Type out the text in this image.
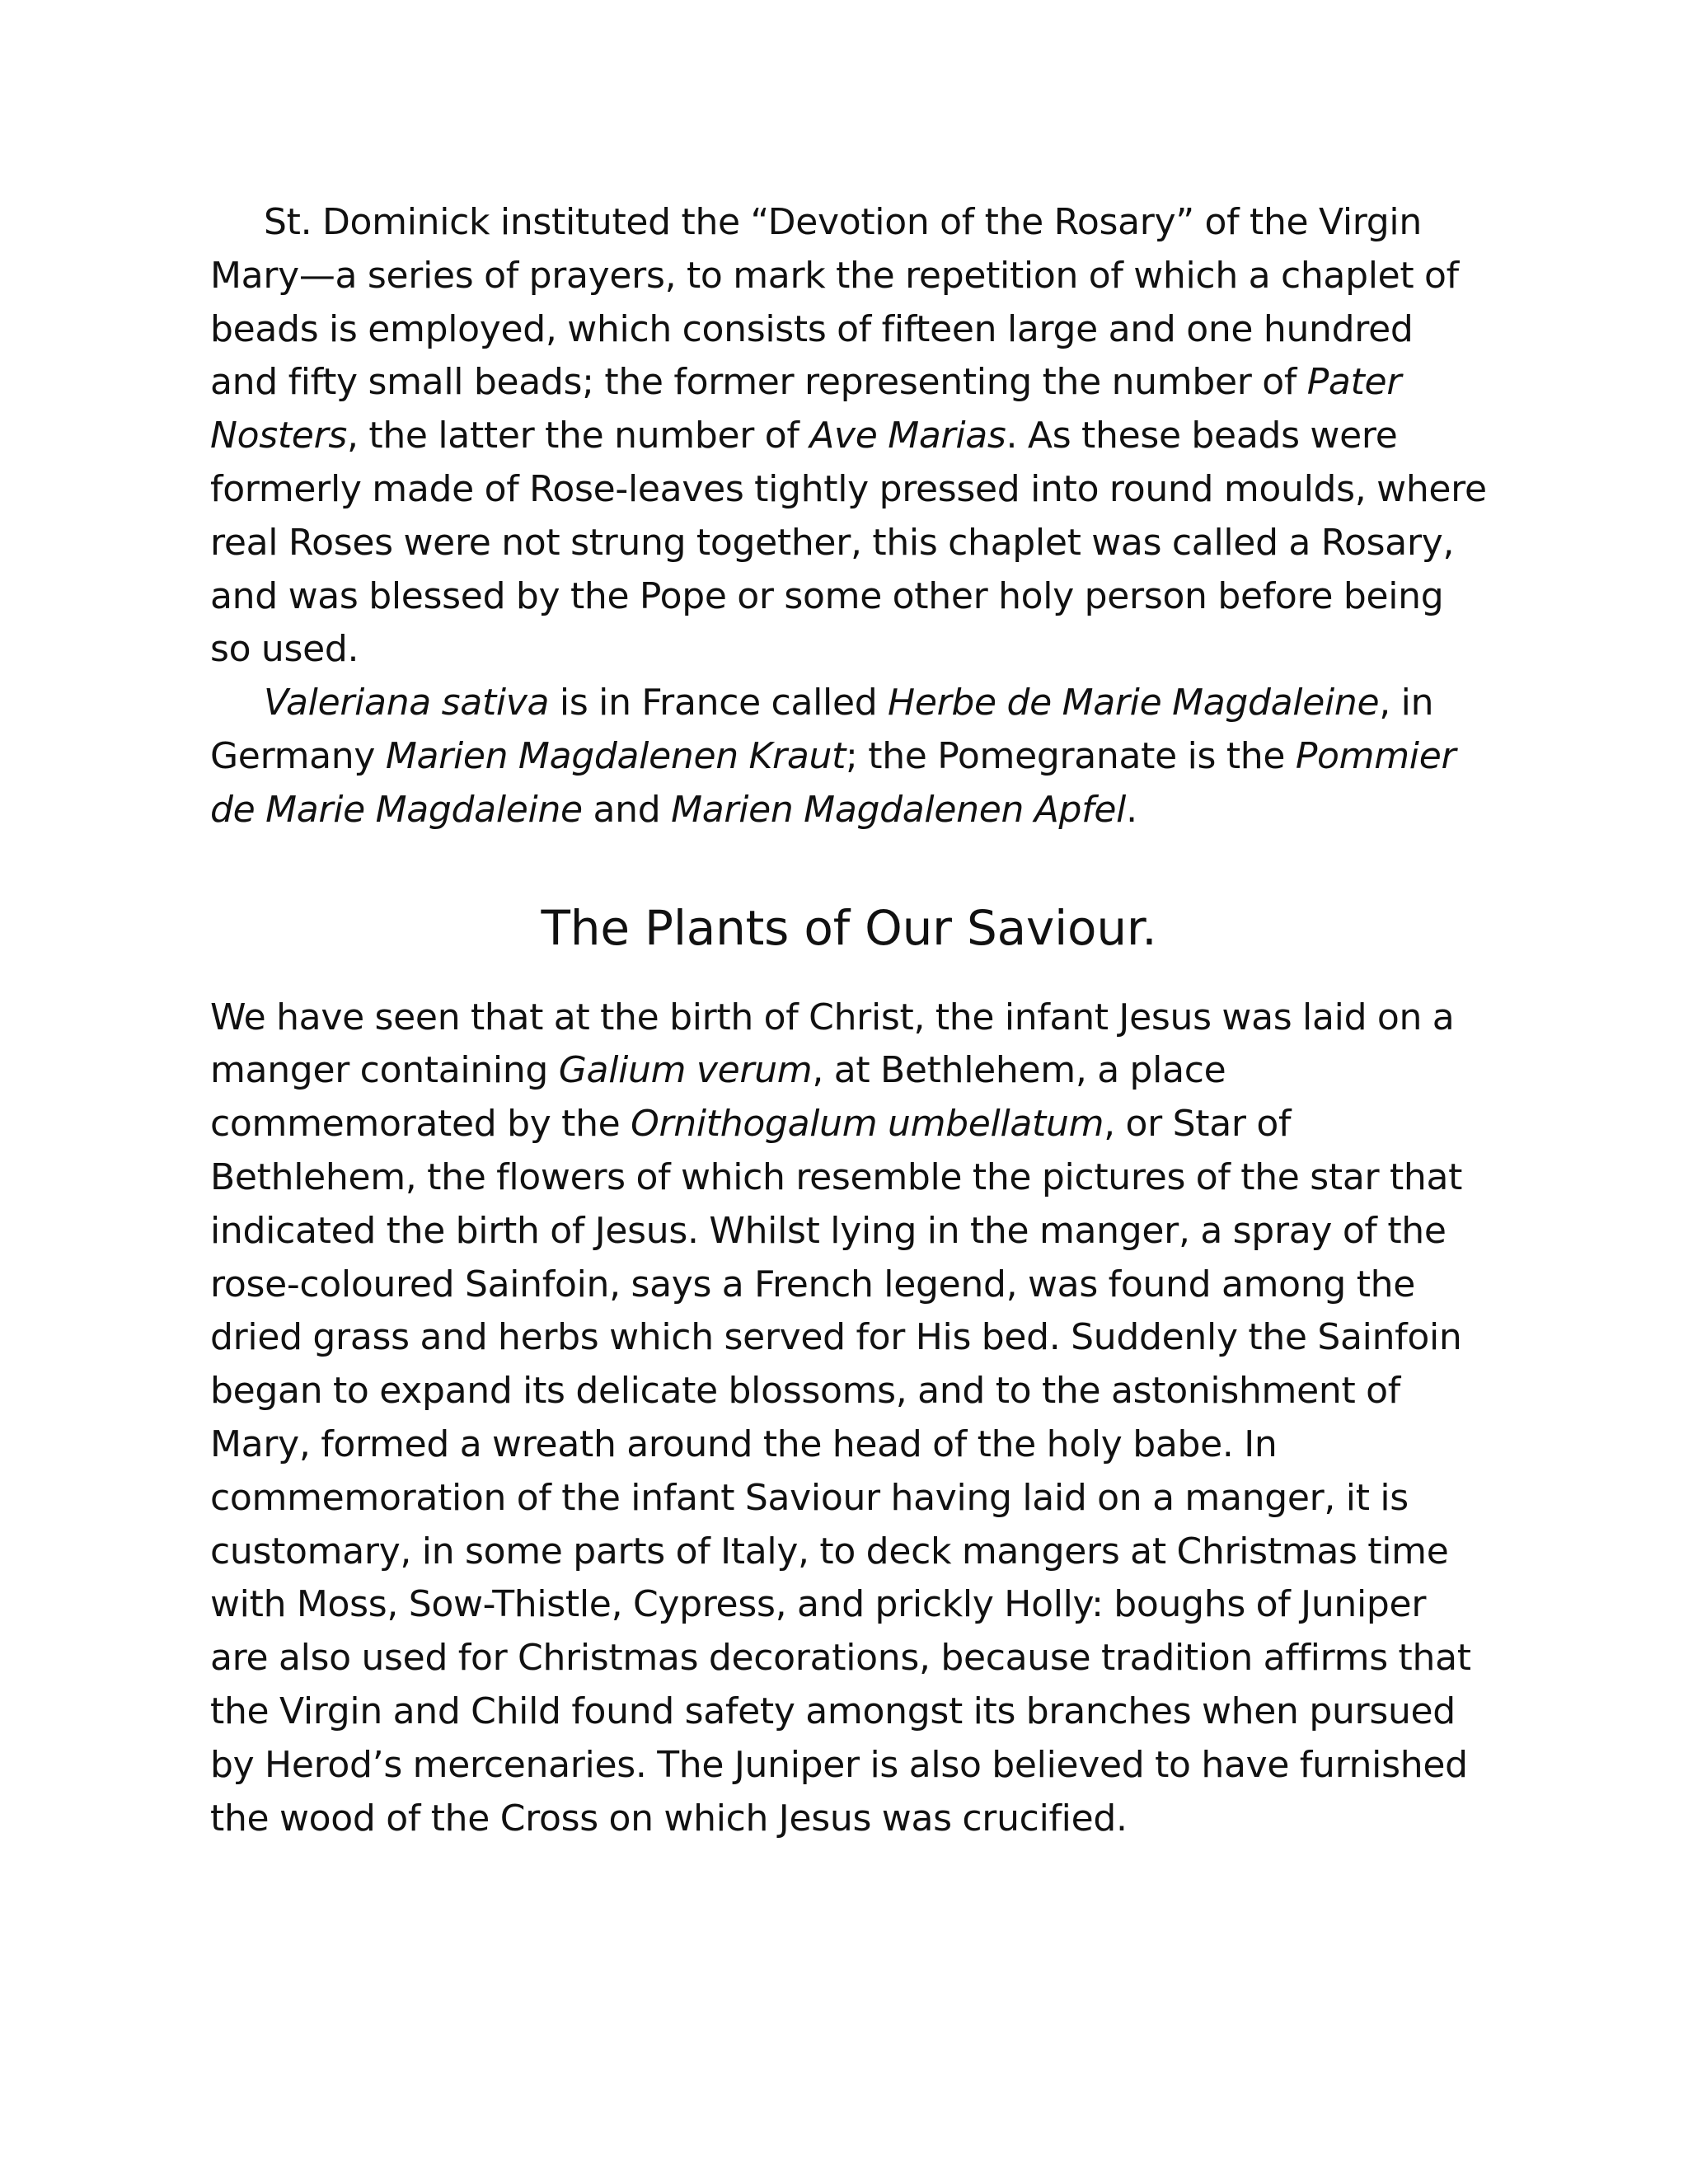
St. Dominick instituted the “Devotion of the Rosary” of the Virgin Mary—a series of prayers, to mark the repetition of which a chaplet of beads is employed, which consists of fifteen large and one hundred and fifty small beads; the former representing the number of Pater Nosters, the latter the number of Ave Marias. As these beads were formerly made of Rose-leaves tightly pressed into round moulds, where real Roses were not strung together, this chaplet was called a Rosary, and was blessed by the Pope or some other holy person before being so used.

Valeriana sativa is in France called Herbe de Marie Magdaleine, in Germany Marien Magdalenen Kraut; the Pomegranate is the Pommier de Marie Magdaleine and Marien Magdalenen Apfel.

The Plants of Our Saviour.

We have seen that at the birth of Christ, the infant Jesus was laid on a manger containing Galium verum, at Bethlehem, a place commemorated by the Ornithogalum umbellatum, or Star of Bethlehem, the flowers of which resemble the pictures of the star that indicated the birth of Jesus. Whilst lying in the manger, a spray of the rose-coloured Sainfoin, says a French legend, was found among the dried grass and herbs which served for His bed. Suddenly the Sainfoin began to expand its delicate blossoms, and to the astonishment of Mary, formed a wreath around the head of the holy babe. In commemoration of the infant Saviour having laid on a manger, it is customary, in some parts of Italy, to deck mangers at Christmas time with Moss, Sow-Thistle, Cypress, and prickly Holly: boughs of Juniper are also used for Christmas decorations, because tradition affirms that the Virgin and Child found safety amongst its branches when pursued by Herod’s mercenaries. The Juniper is also believed to have furnished the wood of the Cross on which Jesus was crucified.
